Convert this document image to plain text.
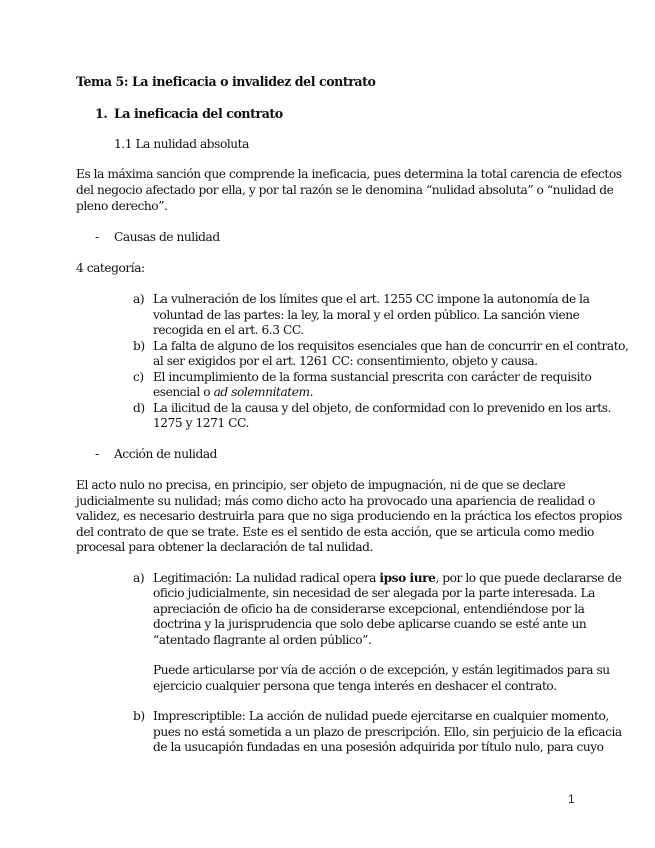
Tema 5: La ineficacia o invalidez del contrato
1. La ineficacia del contrato
1.1 La nulidad absoluta
Es la máxima sanción que comprende la ineficacia, pues determina la total carencia de efectos
del negocio afectado por ella, y por tal razón se le denomina “nulidad absoluta” o “nulidad de
pleno derecho”.
- Causas de nulidad
4 categoría:
a) La vulneración de los límites que el art. 1255 CC impone la autonomía de la
voluntad de las partes: la ley, la moral y el orden público. La sanción viene
recogida en el art. 6.3 CC.
b) La falta de alguno de los requisitos esenciales que han de concurrir en el contrato,
al ser exigidos por el art. 1261 CC: consentimiento, objeto y causa.
c) El incumplimiento de la forma sustancial prescrita con carácter de requisito
esencial o ad solemnitatem.
d) La ilicitud de la causa y del objeto, de conformidad con lo prevenido en los arts.
1275 y 1271 CC.
- Acción de nulidad
El acto nulo no precisa, en principio, ser objeto de impugnación, ni de que se declare
judicialmente su nulidad; más como dicho acto ha provocado una apariencia de realidad o
validez, es necesario destruirla para que no siga produciendo en la práctica los efectos propios
del contrato de que se trate. Este es el sentido de esta acción, que se articula como medio
procesal para obtener la declaración de tal nulidad.
a) Legitimación: La nulidad radical opera ipso iure, por lo que puede declararse de
oficio judicialmente, sin necesidad de ser alegada por la parte interesada. La
apreciación de oficio ha de considerarse excepcional, entendiéndose por la
doctrina y la jurisprudencia que solo debe aplicarse cuando se esté ante un
“atentado flagrante al orden público”.
Puede articularse por vía de acción o de excepción, y están legitimados para su
ejercicio cualquier persona que tenga interés en deshacer el contrato.
b) Imprescriptible: La acción de nulidad puede ejercitarse en cualquier momento,
pues no está sometida a un plazo de prescripción. Ello, sin perjuicio de la eficacia
de la usucapión fundadas en una posesión adquirida por título nulo, para cuyo
1
